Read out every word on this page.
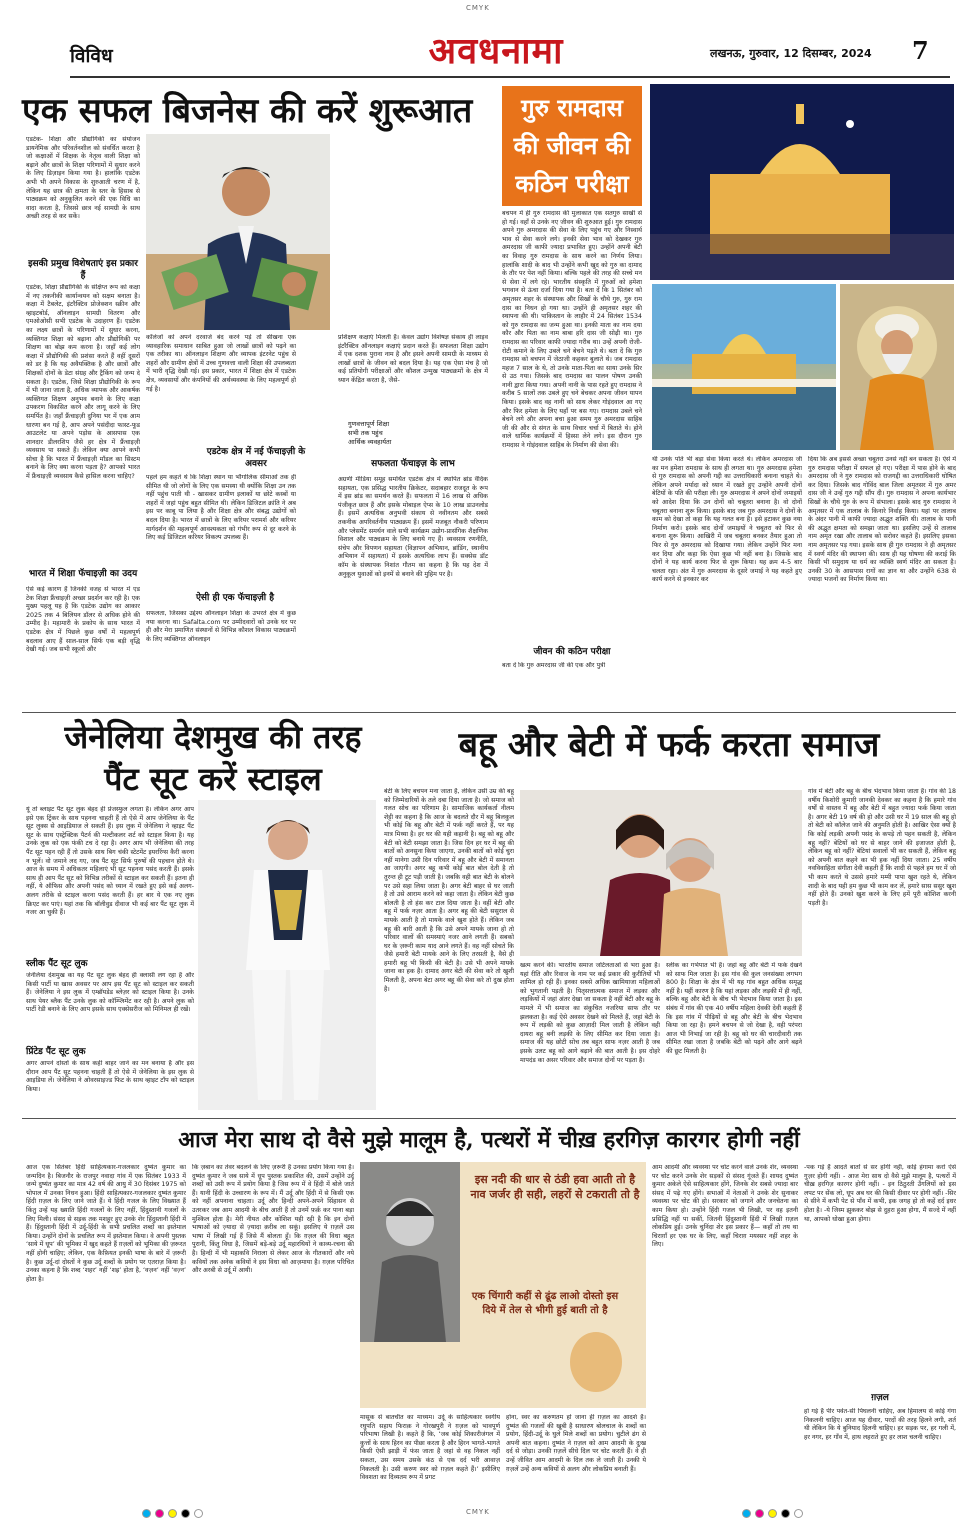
CMYK
CMYK
विविध	अवधनामा	लखनऊ, गुरुवार, 12 दिसम्बर, 2024 7
एक सफल बिजनेस की करें शुरूआत
एडटेक- शिक्षा और प्रौद्योगिकी का संयोजन डायनेमिक और परिवर्तनशील को संवर्धित करता है जो कक्षाओं में शिक्षक के नेतृत्व वाली शिक्षा को बढ़ाने और छात्रों के शिक्षा परिणामों में सुधार करने के लिए डिज़ाइन किया गया है। हालांकि एडटेक अभी भी अपने विकास के शुरुआती चरण में है, लेकिन यह छात्र की क्षमता के स्तर के हिसाब से पाठ्यक्रम को अनुकूलित करने की एक विधि का वादा करता है, जिससे छात्र नई सामग्री के साथ अच्छी तरह से कर सकें।
इसकी प्रमुख विशेषताएं इस प्रकार हैं
एडटेक, शिक्षा प्रौद्योगिकी के संक्षिप्त रूप को कक्षा में नए तकनीकी कार्यान्वयन को सक्षम बनाता है। कक्षा में टैबलेट, इंटरैक्टिव प्रोजेक्शन स्क्रीन और व्हाइटबोर्ड, ऑनलाइन सामग्री वितरण और एमओओसी सभी एडटेक के उदाहरण हैं। एडटेक का लक्ष्य छात्रों के परिणामों में सुधार करना, व्यक्तिगत शिक्षा को बढ़ाना और प्रौद्योगिकी पर शिक्षण का बोझ कम करना है। जहाँ कई लोग कक्षा में प्रौद्योगिकी की प्रशंसा करते हैं वहीं दूसरों को डर है कि यह अवैयक्तिक है और छात्रों और शिक्षकों दोनों के डेटा संग्रह और ट्रैकिंग को जन्म दे सकता है। एडटेक, जिसे शिक्षा प्रौद्योगिकी के रूप में भी जाना जाता है, अधिक व्यापक और आकर्षक व्यक्तिगत शिक्षण अनुभव बनाने के लिए कक्षा उपकरण विकसित करने और लागू करने के लिए समर्पित है। जहाँ फ्रैंचाइज़ी दुनिया भर में एक आम धारणा बन गई है, आप अपने पसंदीदा फास्ट-फूड आउटलेट या अपने पड़ोस के आसपास एक शानदार डीलरशिप जैसे हर क्षेत्र में फ्रैंचाइज़ी व्यवसाय पा सकते हैं। लेकिन क्या आपने कभी सोचा है कि भारत में फ्रैंचाइज़ी मॉडल का सिस्टम बनाने के लिए क्या करना पड़ता है? आपको भारत में फ्रैंचाइज़ी व्यवसाय कैसे हासिल करना चाहिए?
भारत में शिक्षा फॅचाइज़ी का उदय
ऐसे कई कारण हैं जिनकी वजह से भारत में एड टेक शिक्षा फ्रैंचाइज़ी अच्छा प्रदर्शन कर रही है। एक मुख्य पहलू यह है कि एडटेक उद्योग का आकार 2025 तक 4 बिलियन डॉलर से अधिक होने की उम्मीद है। महामारी के प्रकोप के साथ भारत में एडटेक क्षेत्र में पिछले कुछ वर्षों में महत्वपूर्ण बदलाव आए हैं साल-साल सिर्फ एक बड़ी वृद्धि देखी गई। जब सभी स्कूलों और
कॉलेजों को अपने दरवाजे बंद करने पड़े तो सीखना एक व्यावहारिक समाधान साबित हुआ जो लाखों छात्रों को पढ़ने का एक तरीका था। ऑनलाइन शिक्षण और व्यापक इंटरनेट पहुंच से शहरों और ग्रामीण क्षेत्रों में उच्च गुणवत्ता वाली शिक्षा की उपलब्धता में भारी वृद्धि देखी गई। इस प्रकार, भारत में शिक्षा क्षेत्र में एडटेक क्षेत्र, व्यवसायों और कंपनियों की अर्थव्यवस्था के लिए महत्वपूर्ण हो गई है।
एडटेक क्षेत्र में नई फॅचाइज़ी के अवसर
पहले हम कहते थे कि शिक्षा स्थान या भौगोलिक सीमाओं तक ही सीमित थी जो लोगों के लिए एक समस्या थी क्योंकि शिक्षा उन तक नहीं पहुंच पाती थी - खासकर ग्रामीण इलाकों या छोटे कस्बों या शहरों में जहां पहुंच बहुत सीमित थी। लेकिन डिजिटल क्रांति ने अब इस पर काबू पा लिया है और शिक्षा क्षेत्र और संबद्ध उद्योगों को बदल दिया है। भारत में छात्रों के लिए करियर परामर्श और करियर मार्गदर्शन की महत्वपूर्ण आवश्यकता को गंभीर रूप से दूर करने के लिए कई डिजिटल करियर विकल्प उपलब्ध हैं।
ऐसी ही एक फॅचाइज़ी है
सफलता, जिसका उद्देश्य ऑनलाइन शिक्षा के उभरते क्षेत्र में कुछ नया करना था। Safalta.com पर उम्मीदवारों को उनके घर पर ही और मेरा प्रमाणित संस्थानों से विभिन्न कौशल विकास पाठ्यक्रमों के लिए व्यक्तिगत ऑनलाइन
प्रशिक्षण कक्षाएं मिलती हैं। केवल उद्योग विशेषज्ञ संकाय ही लाइव इंटरैक्टिव ऑनलाइन कक्षाएं प्रदान करते हैं। सफलता शिक्षा उद्योग में एक दशक पुराना नाम है और इसने अपनी सामग्री के माध्यम से लाखों छात्रों के जीवन को बदल दिया है। यह एक ऐसा मंच है जो कई प्रतियोगी परीक्षाओं और कौशल उन्मुख पाठ्यक्रमों के क्षेत्र में ध्यान केंद्रित करता है, जैसे-
गुणवत्तापूर्ण शिक्षा
सभी तक पहुंच
आर्थिक व्यवहार्यता
सफलता फॅचाइज़ के लाभ
अग्रणी मीडिया समूह समर्थित एडटेक क्षेत्र में स्थापित ब्रांड वैदिक सहायता, एक प्रसिद्ध भारतीय क्रिकेटर, सदाबहार राजदूत के रूप में इस ब्रांड का समर्थन करते हैं। सफलता में 16 लाख से अधिक पंजीकृत छात्र हैं और इसके मोबाइल ऐप्स के 10 लाख डाउनलोड हैं। इसमें अत्यधिक अनुभवी संकाय से नवीनतम और सबसे तकनीक अपरिवर्तनीय पाठ्यक्रम हैं। इसमें मजबूत नौकरी परिणाम और प्लेसमेंट समर्थन वाले सभी कार्यक्रम उद्योग-प्रासंगिक शैक्षणिक विशाल और पाठ्यक्रम के लिए बनाये गए हैं। व्यवसाय रणनीति, संचेप और विपणन सहायता (विज्ञापन अभियान, ब्रांडिंग, स्थानीय अभियान में सहायता) में इसके अत्यधिक लाभ हैं। सक्सेस डॉट कॉम के संस्थापक निशांत गौतम का कहना है कि यह देश में अनुकूल युवाओं को इनमें से बनाने की मुहिम पर है।
गुरु रामदास की जीवन की कठिन परीक्षा
बचपन में ही गुरु रामदास की मुलाकात एक सतगुरु साखी से हो गई। वहाँ से उनके नए जीवन की शुरुआत हुई। गुरु रामदास अपने गुरु अमरदास की सेवा के लिए पहुंच गए और निस्वार्थ भाव से सेवा करने लगे। इनकी सेवा भाव को देखकर गुरु अमरदास जी काफी ज्यादा प्रभावित हुए। उन्होंने अपनी बेटी का विवाह गुरु रामदास के साथ करने का निर्णय लिया। हालांकि शादी के बाद भी उन्होंने कभी खुद को गुरु का दामाद के तौर पर पेश नहीं किया। बल्कि पहले की तरह की सच्चे मन से सेवा में लगे रहे। भारतीय संस्कृति में गुरुओं को हमेशा भगवान से ऊंचा दर्जा दिया गया है। बता दें कि 1 सितंबर को अमृतसर शहर के संस्थापक और सिखों के चौथे गुरु, गुरु राम दास का निधन हो गया था। उन्होंने ही अमृतसर शहर की स्थापना की थी। पाकिस्तान के लाहौर में 24 सितंबर 1534 को गुरु रामदास का जन्म हुआ था। इनकी माता का नाम दया कौर और पिता का नाम बाबा हरि दास जी सोढ़ी था। गुरु रामदास का परिवार काफी ज्यादा गरीब था। उन्हें अपनी रोजी-रोटी कमाने के लिए उबले चने बेचने पड़ते थे। बता दें कि गुरु रामदास को बचपन में जेठाजी कहकर बुलाते थे। जब रामदास महज 7 साल के थे, तो उनके माता-पिता का साया उनके सिर से उठ गया। जिसके बाद रामदास का पालन पोषण उनकी नानी द्वारा किया गया। अपनी नानी के पास रहते हुए रामदास ने करीब 5 सालों तक उबले हुए चने बेचकर अपना जीवन यापन किया। इसके बाद वह नानी को साथ लेकर गोइंदवाल आ गए और फिर हमेशा के लिए यहाँ पर बस गए। रामदास उबले चने बेचने लगे और अपना बचा हुआ समय गुरु अमरदास साहिब जी की और से संगत के साथ विचार चर्चा में बिताते थे। होने वाले धार्मिक कार्यक्रमों में हिस्सा लेने लगे। इस दौरान गुरु रामदास ने गोइंदवाल साहिब के निर्माण की सेवा की।
जीवन की कठिन परीक्षा
बता दें कि गुरु अमरदास जी की एक और पुत्री
थी उनके पति भी बड़ा सेवा किया करते थे। लेकिन अमरदास जी का मन हमेशा रामदास के साथ ही लगता था। गुरु अमरदास हमेशा से गुरु रामदास को अपनी गद्दी का उत्तराधिकारी बनाना चाहते थे। लेकिन अपने मर्यादा को ध्यान में रखते हुए उन्होंने अपनी दोनों बेटियों के पति की परीक्षा ली। गुरु अमरदास ने अपने दोनों जमाइयों को आदेश दिया कि उन दोनों को चबूतरा बनाना है। वो दोनों चबूतरा बनाना शुरू किया। इसके बाद जब गुरु अमरदास ने दोनों के काम को देखा तो कहा कि यह गलत बना है। इसे हटाकर कुछ नया निर्माण करो। इसके बाद दोनों जमाइयों ने चबूतरा को फिर से बनाना शुरू किया। आखिरी में जब चबूतरा बनकर तैयार हुआ तो फिर से गुरु अमरदास को दिखाया गया। लेकिन उन्होंने फिर मना कर दिया और कहा कि ऐसा कुछ भी नहीं बना है। जिसके बाद दोनों ने यह कार्य करना फिर से शुरू किया। यह क्रम 4-5 बार चलता रहा। अंत में गुरु अमरदास के दूसरे जमाई ने यह कहते हुए कार्य करने से इनकार कर
दिया कि अब इससे अच्छा चबूतरा उनसे नहीं बन सकता है। ऐसे में गुरु रामदास परीक्षा में सफल हो गए। परीक्षा में पास होने के बाद अमरदास जी ने गुरु रामदास को राजगद्दी का उत्तराधिकारी घोषित कर दिया। जिसके बाद गोविंद बाल जिला अमृतसर में गुरु अमर दास जी ने उन्हें गुरु गद्दी सौंप दी। गुरु रामदास ने अपना कार्यभार सिखों के चौथे गुरु के रूप में संभाला। इसके बाद गुरु रामदास ने अमृतसर में एक तालाब के किनारे निर्वाह किया। यहां पर तालाब के अंदर पानी में काफी ज्यादा अद्भुत शक्ति थी। तालाब के पानी की अद्भुत क्षमता को समझा जाता था। इसलिए उन्हें से तालाब नाम अमृत रखा और तालाब को सरोवर कहते हैं। इसलिए इसका नाम अमृतसर पड़ गया। इसके साथ ही गुरु रामदास ने ही अमृतसर में स्वर्ण मंदिर की स्थापना की। साथ ही यह घोषणा की कराई कि किसी भी समुदाय या धर्म का व्यक्ति स्वर्ण मंदिर आ सकता है। उनकी 30 के आसपास रागों का ज्ञान था और उन्होंने 638 से ज्यादा भजनों का निर्माण किया था।
जेनेलिया देशमुख की तरह पैंट सूट करें स्टाइल
यूं तो ब्लाइट पैंट सूट लुक बेहद ही प्रेजस्फुल लगता है। लेकिन अगर आप इसे एक ट्रिंकर के साथ पहनना चाहती हैं तो ऐसे में आप जेनेलिया के पैंट सूट लुक्स से आइडियाज ले सकती हैं। इस लुक में जेनेलिया ने व्हाइट पैंट सूट के साथ एस्ट्रेक्टिक पैटर्न की मल्टीकलर शर्ट को स्टाइल किया है। यह उनके लुक को एक फंकी टच दे रहा है। अगर आप भी जेनेलिया की तरह पैंट सूट पहन रही हैं तो उसके साथ बिग चंकी स्टेटमेंट इयररिंग्स कैरी करना न भूलें। वो जमाने लद गए, जब पैंट सूट सिर्फ पुरुषों की पहचान होते थे। आज के समय में अधिकतर महिलाएं भी सूट पहनना पसंद करती हैं। इसके साथ ही आप पैंट सूट को विभिन्न तरीकों से स्टाइल कर सकती हैं। इतना ही नहीं, ये ऑफिस और अपनी पसंद को ध्यान में रखते हुए इसे कई अलग-अलग तरीके से स्टाइल करना पसंद करती हैं। हर बार ये एक नए लुक क्रिएट कर पाएं। यहां तक कि बॉलीवुड दीवाज भी कई बार पैंट सूट लुक में नजर आ चुकी हैं।
स्लीक पैंट सूट लुक
जेनेलिया देशमुख का यह पैंट सूट लुक बेहद ही क्लासी लग रहा है और किसी पार्टी या खास अवसर पर आप इस पैंट सूट को स्टाइल कर सकती हैं। जेनेलिया ने इस लुक में एम्ब्रॉयडेड ब्लेज़र को स्टाइल किया है। उनके साथ पेयर ब्लैक पैंट उनके लुक को कॉम्प्लिमेंट कर रही है। अपने लुक को पार्टी रेडी बनाने के लिए आप इसके साथ एक्सेसरीज को मिनिमल ही रखें।
प्रिंटेड पैंट सूट लुक
अगर आपने दोस्तों के साथ कहीं बाहर जाने का मन बनाया है और इस दौरान आप पैंट सूट पहनना चाहती हैं तो ऐसे में जेनेलिया के इस लुक से आइडिया लें। जेनेलिया ने ओवरसाइज्ड फिट के साथ व्हाइट टॉप को स्टाइल किया।
बहू और बेटी में फर्क करता समाज
बेटी के लिए बचपन मना जाता है, लेकिन उसी उम्र की बहू को जिम्मेदारियों के तले दबा दिया जाता है। जो समाज को गलत सोच का परिणाम है। सामाजिक कार्यकर्ता नीलम शेट्टी का कहना है कि आज के बदलते दौर में बहू बिलकुल भी कोई कि बहू और बेटी में फर्क नहीं करते हैं, पर यह मात्र मिथ्या है। हर घर की यही कहानी है। बहू को बहू और बेटी को बेटी समझा जाता है। जिस दिन हर घर में बहू की बातों को अनसुना किया जाएगा, उनकी बातों को कोई चुरा नहीं मानेगा उसी दिन परिवार में बहू और बेटी में समानता आ जाएगी। अगर बहू कभी कोई बात बोल देती है तो तुरन्त ही टूट पड़ी जाती है। जबकि वही बात बेटी के बोलने पर उसे सहा लिया जाता है। अगर बेटी बाहर से घर जाती है तो उसे आराम करने को कहा जाता है। लेकिन बेटी कुछ बोलती है तो हंस कर टाल दिया जाता है। वहीं बेटी और बहू में फर्क नज़र आता है। अगर बहू की बेटी ससुराल से मायके आती है तो मायके वाले खुश होते हैं। लेकिन जब बहू की बारी आती है कि उसे अपने मायके जाना हो तो परिवार वालों की समस्याएं नजर आने लगती हैं। सबको घर के ज़रूरी काम याद आने लगते हैं। वह नहीं सोचते कि जैसे हमारी बेटी मायके आने के लिए तरसती है, वैसे ही हमारी बहू भी किसी की बेटी है। उसे भी अपने मायके जाना का हक है। दामाद अगर बेटी की सेवा करे तो खुशी मिलती है, अपना बेटा अगर बहू की सेवा करे तो दुख होता है।
खत्म करने की। भारतीय समाज जटिलताओं से भरा हुआ है। यहां रीति और रिवाज के नाम पर कई प्रकार की कुरीतियों भी शामिल हो रही हैं। इनका सबसे अधिक खामियाजा महिलाओं को भुगतानी पड़ती है। पितृसत्तात्मक समाज में लड़का और लड़कियों में जहां अंतर देखा जा सकता है वहीं बेटी और बहू के मामले में भी समाज का संकुचित नजरिया साफ तौर पर झलकता है। कई ऐसे अवसर देखने को मिलते हैं, जहां बेटी के रूप में लड़की को कुछ आज़ादी मिल जाती है लेकिन वही दायरा बहू बनी लड़की के लिए सीमित कर दिया जाता है। समाज की यह छोटी सोच तब बहुत साफ नज़र आती है जब इसके उलट बहू को आगे बढ़ाने की बात आती है। इस दोहरे मापदंड का असर परिवार और समाज दोनों पर पड़ता है।
स्लीक का गर्भपात भी है। जहां बहू और बेटी में फर्क देखने को साफ मिल जाता है। इस गांव की कुल जनसंख्या लगभग 800 है। शिक्षा के क्षेत्र में भी यह गांव बहुत अधिक समृद्ध नहीं है। यहीं कारण है कि यहां लड़का और लड़की में ही नहीं, बल्कि बहू और बेटी के बीच भी भेदभाव किया जाता है। इस संबंध में गांव की एक 40 वर्षीय महिला देवकी देवी कहती हैं कि इस गांव में पीढ़ियों से बहू और बेटी के बीच भेदभाव किया जा रहा है। हमने बचपन से जो देखा है, वही परंपरा आज भी निभाई जा रही है। बहू को घर की चारदीवारी तक सीमित रखा जाता है जबकि बेटी को पढ़ने और आगे बढ़ने की छूट मिलती है।
गांव में बेटी और बहू के बीच भेदभाव किया जाता है। गांव की 18 वर्षीय किशोरी कुमारी जानकी देवकर का कहना है कि हमारे गांव वर्षों से वास्तव में बहू और बेटी में बहुत ज्यादा फर्क किया जाता है। अगर बेटी 19 वर्ष की हो और उसी घर में 19 साल की बहू हो तो बेटी को कॉलेज जाने की अनुमति होती है। आखिर ऐसा क्यों है कि कोई लड़की अपनी पसंद के कपड़े तो पहन सकती है, लेकिन बहू नहीं? बेटियों को घर से बाहर जाने की इजाजत होती है, लेकिन बहू को नहीं? बेटियां सवालों भी कर सकती हैं, लेकिन बहू को अपनी बात कहने का भी हक नहीं दिया जाता। 25 वर्षीय नवविवाहिता संगीता देवी कहती हैं कि शादी से पहले हम घर में जो भी काम करते थे उससे हमारे मम्मी पापा खुश रहते थे, लेकिन शादी के बाद यही हम कुछ भी काम कर लें, हमारे सास ससुर खुश नहीं होते हैं। उनको खुश करने के लिए हमें पूरी कोशिश करनी पड़ती है।
आज मेरा साथ दो वैसे मुझे मालूम है, पत्थरों में चीख़ हरगिज़ कारगर होगी नहीं
आज एक सितंबर हिंदी साहित्यकार-गजलकार दुष्यंत कुमार का जन्मदिन है। बिजनौर के राजपुर नवादा गांव में एक सितंबर 1933 में जन्मे दुष्यंत कुमार का मात्र 42 वर्ष की आयु में 30 दिसंबर 1975 को भोपाल में उनका निधन हुआ। हिंदी साहित्यकार-गजलकार दुष्यंत कुमार हिंदी ग़ज़ल के लिए जाने जाते हैं। ये हिंदी गजल के लिए विख्यात हैं किंतु उन्हें यह ख्याति हिंदी गजलों के लिए नहीं, हिंदुस्तानी गजलों के लिए मिली। संसद से सड़क तक मशहूर हुए उनके शेर हिंदुस्तानी हिंदी में हैं। हिंदुस्तानी हिंदी में उर्दू-हिंदी के सभी प्रचलित शब्दों का इस्तेमाल किया। उन्होंने दोनों के प्रचलित रूप में इस्तेमाल किया। वे अपनी पुस्तक ‘साये में धूप’ की भूमिका में खुद कहते हैं ग़ज़लों को भूमिका की ज़रूरत नहीं होनी चाहिए; लेकिन, एक कैफ़ियत इनकी भाषा के बारे में ज़रूरी है। कुछ उर्दू-दां दोस्तों ने कुछ उर्दू शब्दों के प्रयोग पर एतराज़ किया है। उनका कहना है कि शब्द ‘शहर’ नहीं ‘शह्र’ होता है, ‘वज़न’ नहीं ‘वज़्न’ होता है।
कि ज़बान का तेवर बदलने के लिए ज़रूरी है उनका प्रयोग किया गया है। दुष्यंत कुमार ने जब साये में धूप पुस्तक प्रकाशित की, उसमें उन्होंने उर्दू शब्दों को उसी रूप में प्रयोग किया है जिस रूप में वे हिंदी में बोले जाते हैं। यानी हिंदी के उच्चारण के रूप में। मैं उर्दू और हिंदी में से किसी एक को नहीं अपनाना चाहता। उर्दू और हिन्दी अपने-अपने सिंहासन से उतरकर जब आम आदमी के बीच आती हैं तो उनमें फ़र्क़ कर पाना बड़ा मुश्किल होता है। मेरी नीयत और कोशिश यही रही है कि इन दोनों भाषाओं को ज़्यादा से ज़्यादा क़रीब ला सकूं। इसलिए ये ग़ज़लें उस भाषा में लिखी गई हैं जिसे मैं बोलता हूँ। कि ग़ज़ल की विधा बहुत पुरानी, किंतु विधा है, जिसमें बड़े-बड़े उर्दू महारथियों ने काव्य-रचना की है। हिन्दी में भी महाकवि निराला से लेकर आज के गीतकारों और नये कवियों तक अनेक कवियों ने इस विधा को आज़माया है। ग़ज़ल परिचित और अरबी से उर्दू में आयी।
इस नदी की धार से ठंडी हवा आती तो है नाव जर्जर ही सही, लहरों से टकराती तो है
एक चिंगारी कहीं से ढूंढ लाओ दोस्तो इस दिये में तेल से भीगी हुई बाती तो है
मासूक से बातचीत का माध्यम। उर्दू के साहित्यकार स्वर्गीय रघुपति सहाय फिराक़ ने गोरखपुरी ने ग़ज़ल को भावपूर्ण परिभाषा लिखी है। कहते हैं कि, ‘जब कोई शिकारीजंगल में कुत्तों के साथ हिरन का पीछा करता है और हिरन भागते-भागते किसी ऐसी झाड़ी में फंस जाता है जहां से वह निकल नहीं सकता, उस समय उसके कंठ से एक दर्द भरी आवाज़ निकलती है। उसी करुण स्वर को ग़ज़ल कहते हैं।’ इसीलिए विवशता का दिव्यतम रूप में प्रगट
होना, स्वर का करुणतम हो जाना ही ग़ज़ल का आदर्श है। दुष्यंत की गजलों की खूबी है साधारण बोलचाल के शब्दों का प्रयोग, हिंदी-उर्दू के घुले मिले शब्दों का प्रयोग। चुटीले ढंग से अपनी बात कहना। दुष्यंत ने ग़ज़ल को आम आदमी के दुःख दर्द से जोड़ा। उनकी ग़ज़लें सीधे दिल पर चोट करती हैं। वे ही उन्हें जीवित आम आदमी के दिल तक ले जाती हैं। उनकी ये ग़ज़लें उन्हें अन्य कवियों से अलग और लोकप्रिय बनाती हैं।
आम आदमी और व्यवस्था पर चोट करने वाले उनके शेर, व्यवस्था पर चोट करने उनके शेर सड़कों से संसद गूंजते हैं। शायद दुष्यंत कुमार अकेले ऐसे साहित्यकार होंगे, जिनके शेर सबसे ज्यादा बार संसद में पढ़े गए होंगे। सभाओं में नेताओं ने उनके शेर सुनाकर व्यवस्था पर चोट की हो। सरकार को जगाने और जनचेतना का काम किया हो। उन्होंने हिंदी गजल भी लिखी, पर वह इतनी प्रसिद्धि नहीं पा सकीं, जितनी हिंदुस्तानी हिंदी में लिखी ग़ज़ल लोकप्रिय हुई। उनके चुनिंदा शेर इस प्रकार हैं— कहाँ तो तय था चिराग़ाँ हर एक घर के लिए, कहाँ चिराग़ मयस्सर नहीं शहर के लिए।
-पक गई हैं आदतें बातों से सर होंगी नहीं, कोई हंगामा करो ऐसे गुज़र होगी नहीं। - आज मेरा साथ दो वैसे मुझे मालूम है, पत्थरों में चीख़ हरगिज़ कारगर होगी नहीं। - इन ठिठुरती उँगलियों को इस लपट पर सेंक लो, धूप अब घर की किसी दीवार पर होगी नहीं। -सिर से सीने में कभी पेट से पाँव में कभी, इक जगह हो तो कहें दर्द इधर होता है। -ये जिस्म झुककर बोझ से दुहरा हुआ होगा, मैं सज्दे में नहीं था, आपको धोखा हुआ होगा।
ग़ज़ल
हो गई है पीर पर्वत-सी पिघलनी चाहिए, अब हिमालय से कोई गंगा निकलनी चाहिए। आज यह दीवार, परदों की तरह हिलने लगी, शर्त थी लेकिन कि ये बुनियाद हिलनी चाहिए। हर सड़क पर, हर गली में, हर नगर, हर गाँव में, हाथ लहराते हुए हर लाश चलनी चाहिए।
